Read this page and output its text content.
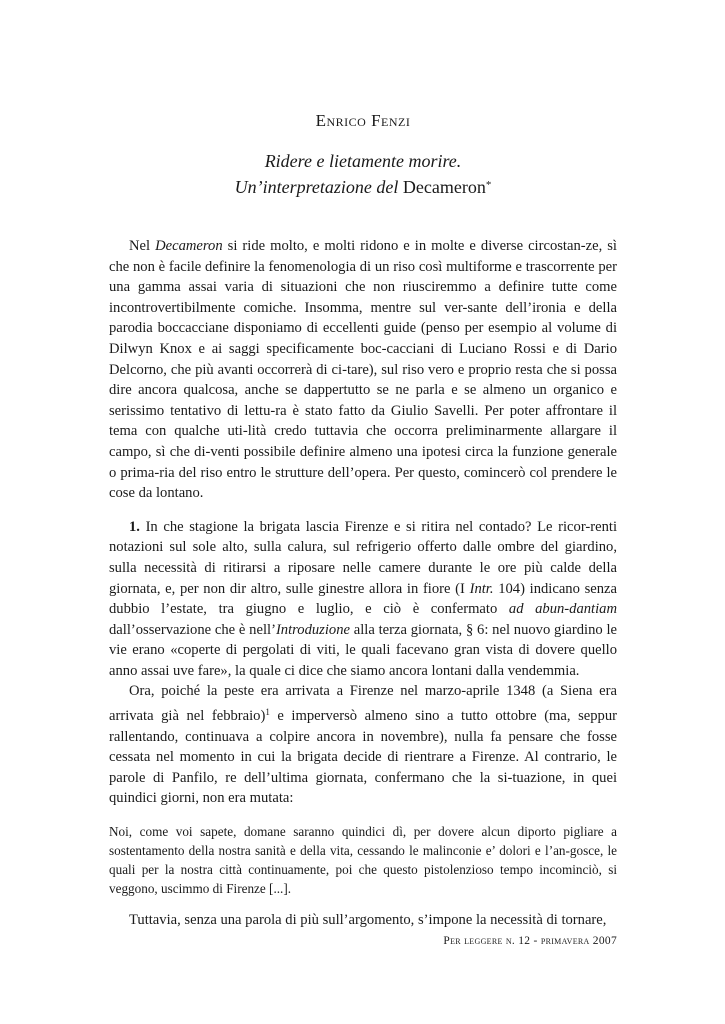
Enrico Fenzi
Ridere e lietamente morire.
Un’interpretazione del Decameron*

Nel Decameron si ride molto, e molti ridono e in molte e diverse circostan-ze, sì che non è facile definire la fenomenologia di un riso così multiforme e trascorrente per una gamma assai varia di situazioni che non riusciremmo a definire tutte come incontrovertibilmente comiche. Insomma, mentre sul ver-sante dell’ironia e della parodia boccacciane disponiamo di eccellenti guide (penso per esempio al volume di Dilwyn Knox e ai saggi specificamente boc-cacciani di Luciano Rossi e di Dario Delcorno, che più avanti occorrerà di ci-tare), sul riso vero e proprio resta che si possa dire ancora qualcosa, anche se dappertutto se ne parla e se almeno un organico e serissimo tentativo di lettu-ra è stato fatto da Giulio Savelli. Per poter affrontare il tema con qualche uti-lità credo tuttavia che occorra preliminarmente allargare il campo, sì che di-venti possibile definire almeno una ipotesi circa la funzione generale o prima-ria del riso entro le strutture dell’opera. Per questo, comincerò col prendere le cose da lontano.

1. In che stagione la brigata lascia Firenze e si ritira nel contado? Le ricor-renti notazioni sul sole alto, sulla calura, sul refrigerio offerto dalle ombre del giardino, sulla necessità di ritirarsi a riposare nelle camere durante le ore più calde della giornata, e, per non dir altro, sulle ginestre allora in fiore (I Intr. 104) indicano senza dubbio l’estate, tra giugno e luglio, e ciò è confermato ad abun-dantiam dall’osservazione che è nell’Introduzione alla terza giornata, § 6: nel nuovo giardino le vie erano «coperte di pergolati di viti, le quali facevano gran vista di dovere quello anno assai uve fare», la quale ci dice che siamo ancora lontani dalla vendemmia.

Ora, poiché la peste era arrivata a Firenze nel marzo-aprile 1348 (a Siena era arrivata già nel febbraio)$^1$ e imperversò almeno sino a tutto ottobre (ma, seppur rallentando, continuava a colpire ancora in novembre), nulla fa pensare che fosse cessata nel momento in cui la brigata decide di rientrare a Firenze. Al contrario, le parole di Panfilo, re dell’ultima giornata, confermano che la si-tuazione, in quei quindici giorni, non era mutata:

Noi, come voi sapete, domane saranno quindici dì, per dovere alcun diporto pigliare a sostentamento della nostra sanità e della vita, cessando le malinconie e’ dolori e l’an-gosce, le quali per la nostra città continuamente, poi che questo pistolenzioso tempo incominciò, si veggono, uscimmo di Firenze [...].

Tuttavia, senza una parola di più sull’argomento, s’impone la necessità di tornare,

Per leggere n. 12 - primavera 2007
